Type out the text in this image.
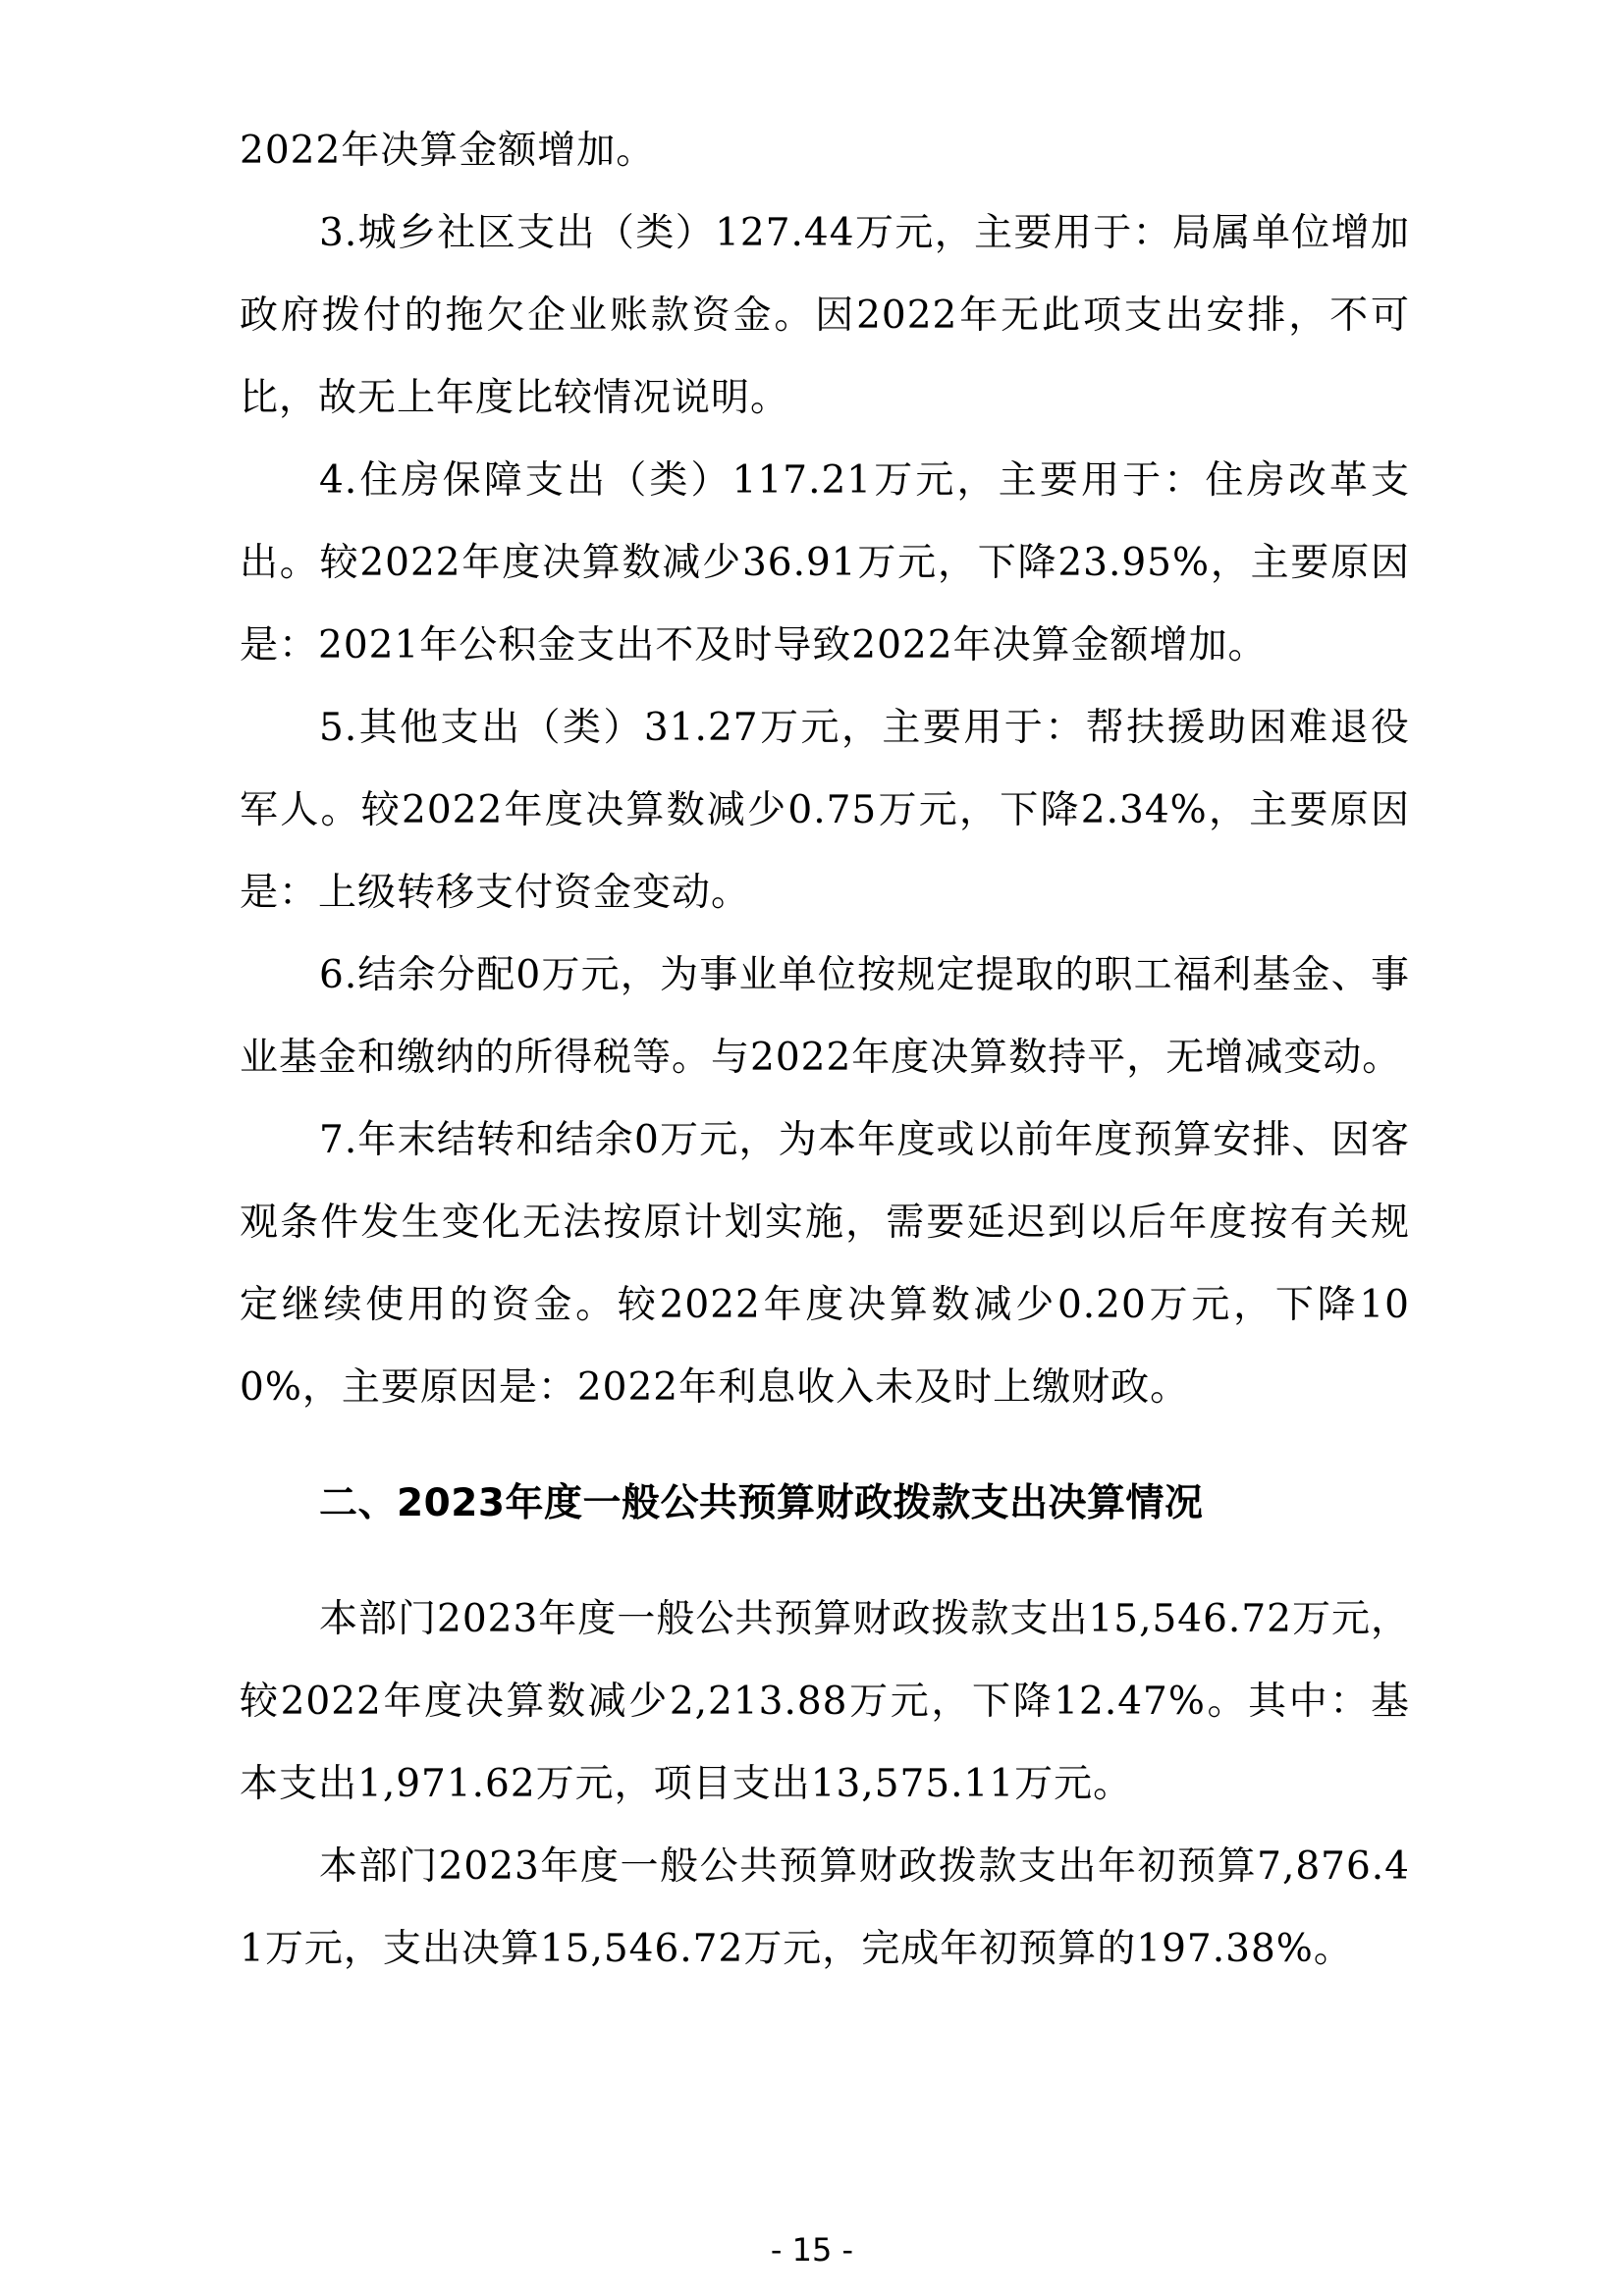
2022年决算金额增加。

3.城乡社区支出（类）127.44万元，主要用于：局属单位增加政府拨付的拖欠企业账款资金。因2022年无此项支出安排，不可比，故无上年度比较情况说明。

4.住房保障支出（类）117.21万元，主要用于：住房改革支出。较2022年度决算数减少36.91万元，下降23.95%，主要原因是：2021年公积金支出不及时导致2022年决算金额增加。

5.其他支出（类）31.27万元，主要用于：帮扶援助困难退役军人。较2022年度决算数减少0.75万元，下降2.34%，主要原因是：上级转移支付资金变动。

6.结余分配0万元，为事业单位按规定提取的职工福利基金、事业基金和缴纳的所得税等。与2022年度决算数持平，无增减变动。

7.年末结转和结余0万元，为本年度或以前年度预算安排、因客观条件发生变化无法按原计划实施，需要延迟到以后年度按有关规定继续使用的资金。较2022年度决算数减少0.20万元，下降100%，主要原因是：2022年利息收入未及时上缴财政。

二、2023年度一般公共预算财政拨款支出决算情况

本部门2023年度一般公共预算财政拨款支出15,546.72万元，较2022年度决算数减少2,213.88万元，下降12.47%。其中：基本支出1,971.62万元，项目支出13,575.11万元。

本部门2023年度一般公共预算财政拨款支出年初预算7,876.41万元，支出决算15,546.72万元，完成年初预算的197.38%。

- 15 -
